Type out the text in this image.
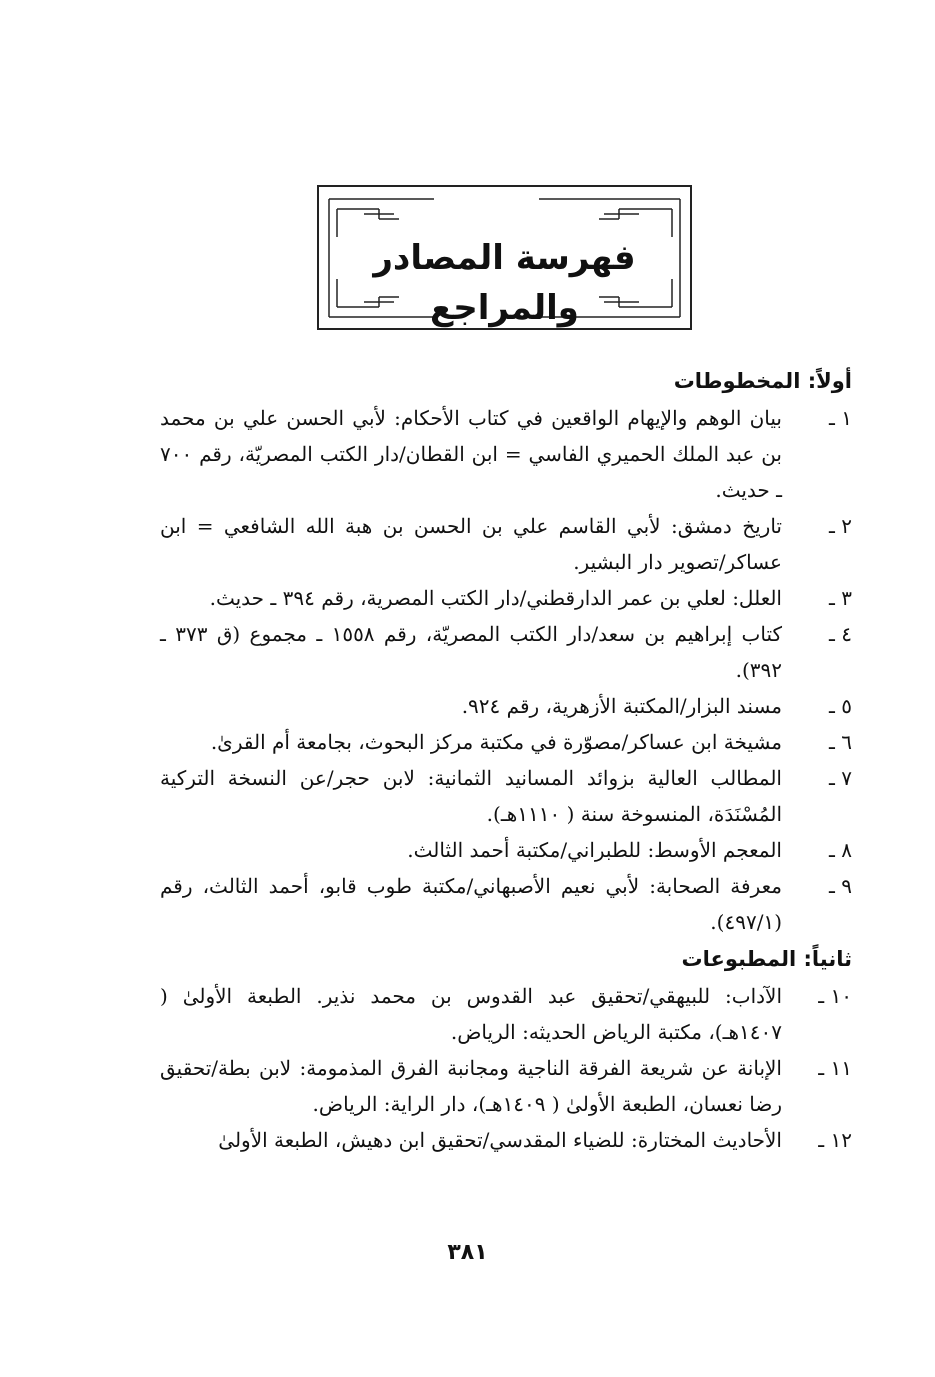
فهرسة المصادر والمراجع
أولاً: المخطوطات
١ ـ
بيان الوهم والإيهام الواقعين في كتاب الأحكام: لأبي الحسن علي بن محمد بن عبد الملك الحميري الفاسي = ابن القطان/دار الكتب المصريّة، رقم ٧٠٠ ـ حديث.
٢ ـ
تاريخ دمشق: لأبي القاسم علي بن الحسن بن هبة الله الشافعي = ابن عساكر/تصوير دار البشير.
٣ ـ
العلل: لعلي بن عمر الدارقطني/دار الكتب المصرية، رقم ٣٩٤ ـ حديث.
٤ ـ
كتاب إبراهيم بن سعد/دار الكتب المصريّة، رقم ١٥٥٨ ـ مجموع (ق ٣٧٣ ـ ٣٩٢).
٥ ـ
مسند البزار/المكتبة الأزهرية، رقم ٩٢٤.
٦ ـ
مشيخة ابن عساكر/مصوّرة في مكتبة مركز البحوث، بجامعة أم القرىٰ.
٧ ـ
المطالب العالية بزوائد المسانيد الثمانية: لابن حجر/عن النسخة التركية المُسْنَدَة، المنسوخة سنة ( ١١١٠هـ).
٨ ـ
المعجم الأوسط: للطبراني/مكتبة أحمد الثالث.
٩ ـ
معرفة الصحابة: لأبي نعيم الأصبهاني/مكتبة طوب قابو، أحمد الثالث، رقم (٤٩٧/١).
ثانياً: المطبوعات
١٠ ـ
الآداب: للبيهقي/تحقيق عبد القدوس بن محمد نذير. الطبعة الأولىٰ ( ١٤٠٧هـ)، مكتبة الرياض الحديثه: الرياض.
١١ ـ
الإبانة عن شريعة الفرقة الناجية ومجانبة الفرق المذمومة: لابن بطة/تحقيق رضا نعسان، الطبعة الأولىٰ ( ١٤٠٩هـ)، دار الراية: الرياض.
١٢ ـ
الأحاديث المختارة: للضياء المقدسي/تحقيق ابن دهيش، الطبعة الأولىٰ
٣٨١
